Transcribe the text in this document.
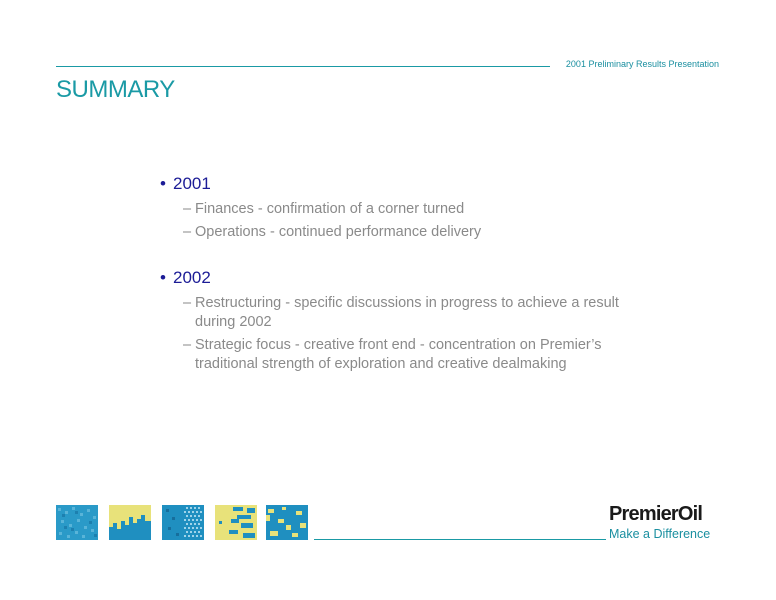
2001 Preliminary Results Presentation
SUMMARY
• 2001
– Finances - confirmation of a corner turned
– Operations - continued performance delivery
• 2002
– Restructuring - specific discussions in progress to achieve a result during 2002
– Strategic focus - creative front end - concentration on Premier’s traditional strength of exploration and creative dealmaking
PremierOil
Make a Difference
